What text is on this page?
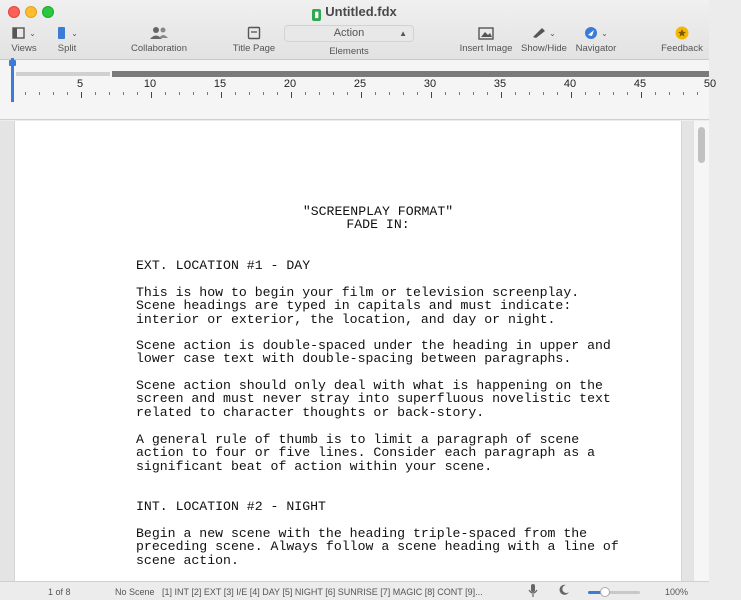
▮ Untitled.fdx
⌄
Views
⌄
Split	Collaboration	Title Page
Action	▲

Elements	Insert Image
⌄
Show/Hide
⌄
Navigator	Feedback
5	10	15	20	25	30	35	40	45	50
"SCREENPLAY FORMAT"
FADE IN:
EXT. LOCATION #1 - DAY
This is how to begin your film or television screenplay.
Scene headings are typed in capitals and must indicate:
interior or exterior, the location, and day or night.
Scene action is double-spaced under the heading in upper and
lower case text with double-spacing between paragraphs.
Scene action should only deal with what is happening on the
screen and must never stray into superfluous novelistic text
related to character thoughts or back-story.
A general rule of thumb is to limit a paragraph of scene
action to four or five lines. Consider each paragraph as a
significant beat of action within your scene.
INT. LOCATION #2 - NIGHT
Begin a new scene with the heading triple-spaced from the
preceding scene. Always follow a scene heading with a line of
scene action.
1 of 8	No Scene [1] INT [2] EXT [3] I/E [4] DAY [5] NIGHT [6] SUNRISE [7] MAGIC [8] CONT [9]...	100%
